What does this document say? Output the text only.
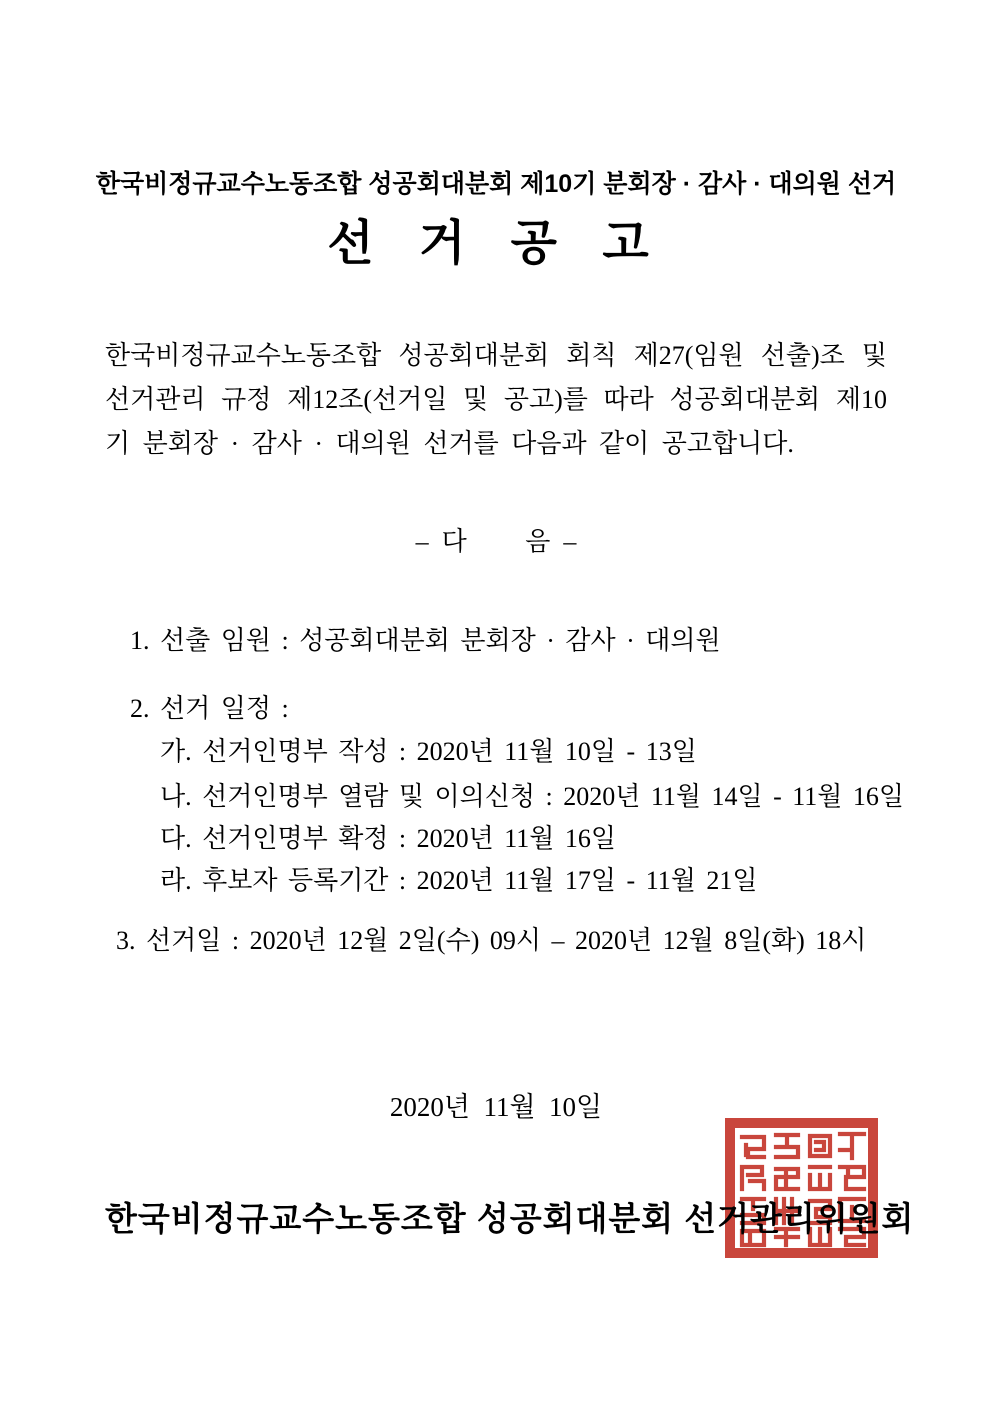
한국비정규교수노동조합 성공회대분회 제10기 분회장 · 감사 · 대의원 선거
선 거 공 고

한국비정규교수노동조합 성공회대분회 회칙 제27(임원 선출)조 및 선거관리 규정 제12조(선거일 및 공고)를 따라 성공회대분회 제10기 분회장 · 감사 · 대의원 선거를 다음과 같이 공고합니다.

–  다         음  –
1. 선출 임원 : 성공회대분회 분회장 · 감사 · 대의원
2. 선거 일정 :
가. 선거인명부 작성 : 2020년 11월 10일 - 13일
나. 선거인명부 열람 및 이의신청 : 2020년 11월 14일 - 11월 16일
다. 선거인명부 확정 : 2020년 11월 16일
라. 후보자 등록기간 : 2020년 11월 17일 - 11월 21일
3. 선거일 : 2020년 12월 2일(수) 09시 – 2020년 12월 8일(화) 18시
2020년  11월  10일
한국비정규교수노동조합 성공회대분회 선거관리위원회
